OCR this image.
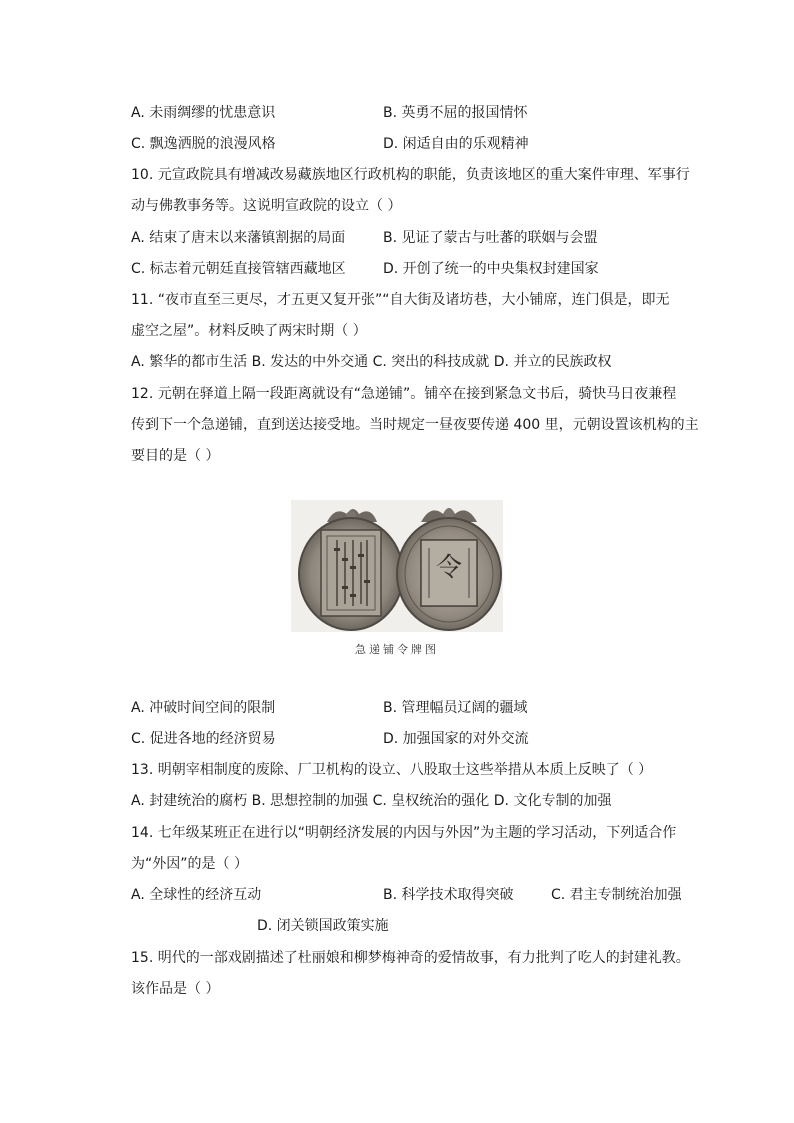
A. 未雨绸缪的忧患意识	B. 英勇不屈的报国情怀
C. 飘逸洒脱的浪漫风格	D. 闲适自由的乐观精神
10. 元宣政院具有增减改易藏族地区行政机构的职能，负责该地区的重大案件审理、军事行
动与佛教事务等。这说明宣政院的设立（ ）
A. 结束了唐末以来藩镇割据的局面	B. 见证了蒙古与吐蕃的联姻与会盟
C. 标志着元朝廷直接管辖西藏地区	D. 开创了统一的中央集权封建国家
11. “夜市直至三更尽，才五更又复开张”“自大街及诸坊巷，大小铺席，连门俱是，即无
虚空之屋”。材料反映了两宋时期（ ）
A. 繁华的都市生活 B. 发达的中外交通 C. 突出的科技成就 D. 并立的民族政权
12. 元朝在驿道上隔一段距离就设有“急递铺”。铺卒在接到紧急文书后，骑快马日夜兼程
传到下一个急递铺，直到送达接受地。当时规定一昼夜要传递 400 里，元朝设置该机构的主
要目的是（ ）
令
急递铺令牌图
A. 冲破时间空间的限制	B. 管理幅员辽阔的疆域
C. 促进各地的经济贸易	D. 加强国家的对外交流
13. 明朝宰相制度的废除、厂卫机构的设立、八股取士这些举措从本质上反映了（ ）
A. 封建统治的腐朽 B. 思想控制的加强 C. 皇权统治的强化 D. 文化专制的加强
14. 七年级某班正在进行以“明朝经济发展的内因与外因”为主题的学习活动，下列适合作
为“外因”的是（ ）
A. 全球性的经济互动	B. 科学技术取得突破	C. 君主专制统治加强
D. 闭关锁国政策实施
15. 明代的一部戏剧描述了杜丽娘和柳梦梅神奇的爱情故事，有力批判了吃人的封建礼教。
该作品是（ ）
